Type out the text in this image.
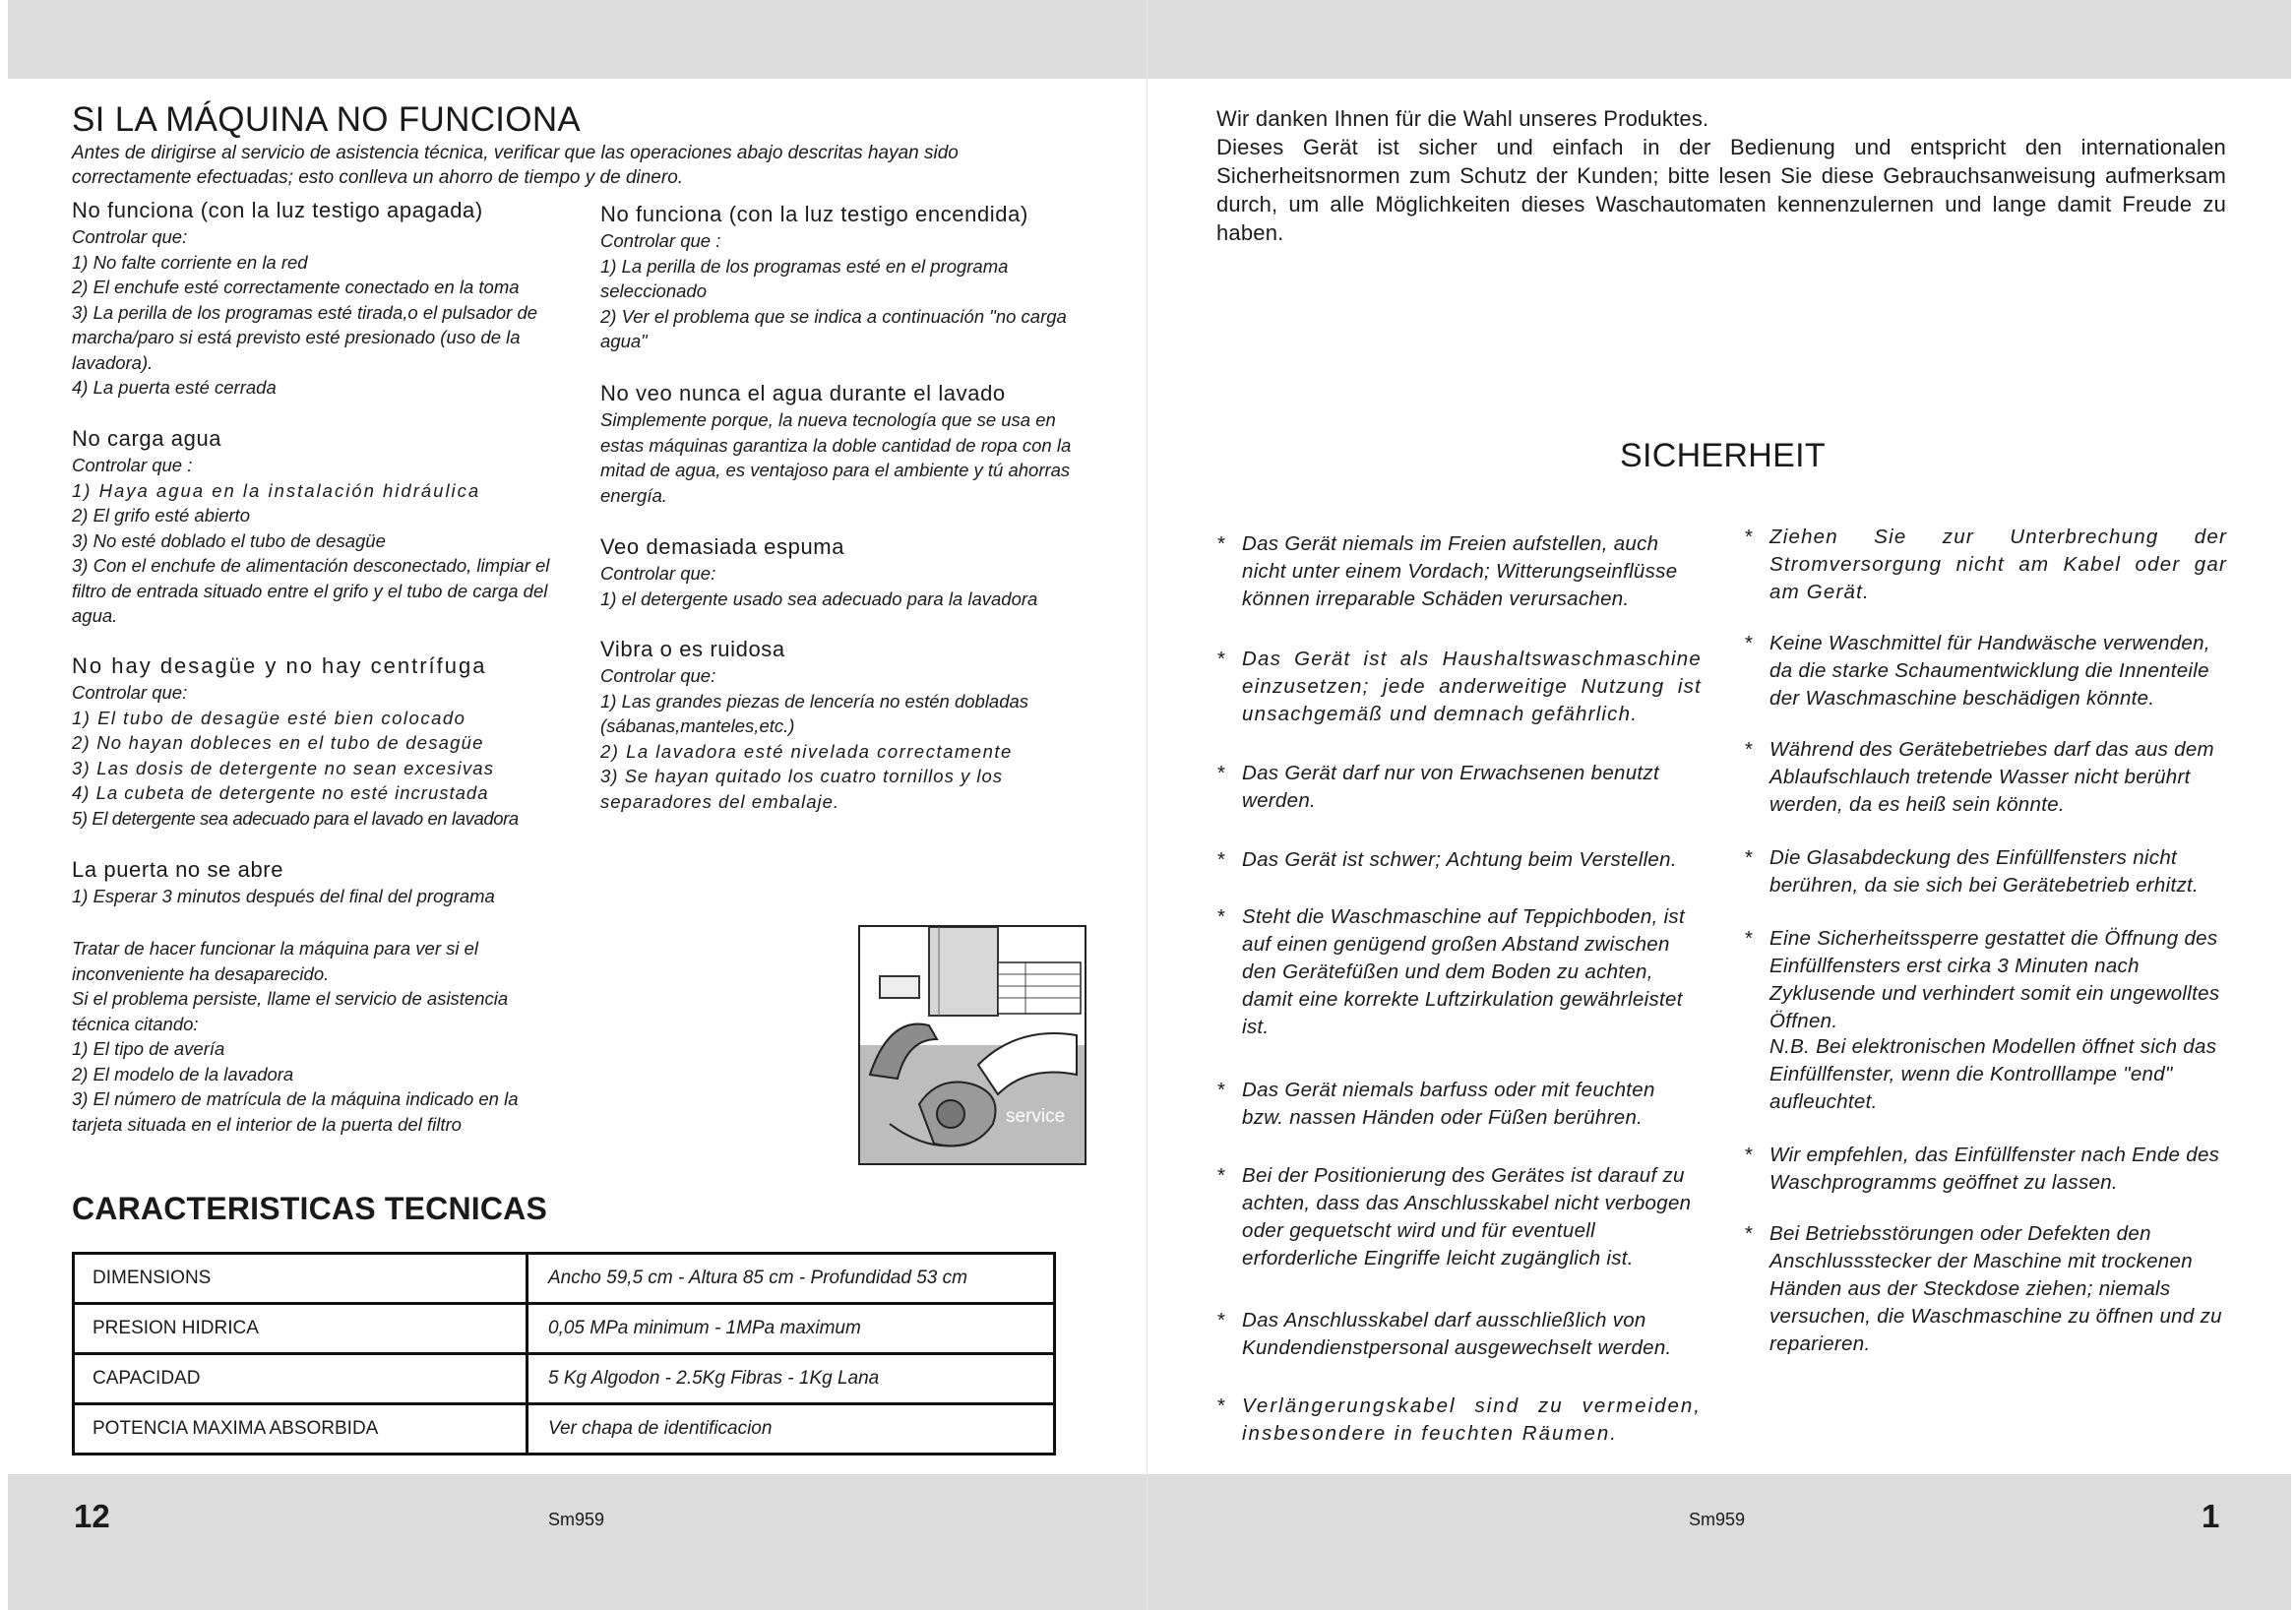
SI LA MÁQUINA NO FUNCIONA
Antes de dirigirse al servicio de asistencia técnica, verificar que las operaciones abajo descritas hayan sido correctamente efectuadas; esto conlleva un ahorro de tiempo y de dinero.
No funciona (con la luz testigo apagada)
Controlar que:
1) No falte corriente en la red
2) El enchufe esté correctamente conectado en la toma
3) La perilla de los programas esté tirada,o el pulsador de marcha/paro si está previsto esté presionado (uso de la lavadora).
4) La puerta esté cerrada
No carga agua
Controlar que :
1) Haya agua en la instalación hidráulica
2) El grifo esté abierto
3) No esté doblado el tubo de desagüe
3) Con el enchufe de alimentación desconectado, limpiar el filtro de entrada situado entre el grifo y el tubo de carga del agua.
No hay desagüe y no hay centrífuga
Controlar que:
1) El tubo de desagüe esté bien colocado
2) No hayan dobleces en el tubo de desagüe
3) Las dosis de detergente no sean excesivas
4) La cubeta de detergente no esté incrustada
5) El detergente sea adecuado para el lavado en lavadora
La puerta no se abre
1) Esperar 3 minutos después del final del programa
Tratar de hacer funcionar la máquina para ver si el inconveniente ha desaparecido.
Si el problema persiste, llame el servicio de asistencia técnica citando:
1) El tipo de avería
2) El modelo de la lavadora
3) El número de matrícula de la máquina indicado en la tarjeta situada en el interior de la puerta del filtro
No funciona (con la luz testigo encendida)
Controlar que :
1) La perilla de los programas esté en el programa seleccionado
2) Ver el problema que se indica a continuación "no carga agua"
No veo nunca el agua durante el lavado
Simplemente porque, la nueva tecnología que se usa en estas máquinas garantiza la doble cantidad de ropa con la mitad de agua, es ventajoso para el ambiente y tú ahorras energía.
Veo demasiada espuma
Controlar que:
1) el detergente usado sea adecuado para la lavadora
Vibra o es ruidosa
Controlar que:
1) Las grandes piezas de lencería no estén dobladas (sábanas,manteles,etc.)
2) La lavadora esté nivelada correctamente
3) Se hayan quitado los cuatro tornillos y los separadores del embalaje.
service
CARACTERISTICAS TECNICAS
DIMENSIONS	Ancho 59,5 cm - Altura 85 cm - Profundidad 53 cm
PRESION HIDRICA	0,05 MPa minimum - 1MPa maximum
CAPACIDAD	5 Kg Algodon - 2.5Kg Fibras - 1Kg Lana
POTENCIA MAXIMA ABSORBIDA	Ver chapa de identificacion
12	Sm959
Wir danken Ihnen für die Wahl unseres Produktes.
Dieses Gerät ist sicher und einfach in der Bedienung und entspricht den internationalen Sicherheitsnormen zum Schutz der Kunden; bitte lesen Sie diese Gebrauchsanweisung aufmerksam durch, um alle Möglichkeiten dieses Waschautomaten kennenzulernen und lange damit Freude zu haben.
SICHERHEIT
* Das Gerät niemals im Freien aufstellen, auch nicht unter einem Vordach; Witterungseinflüsse können irreparable Schäden verursachen.
* Das Gerät ist als Haushaltswaschmaschine einzusetzen; jede anderweitige Nutzung ist unsachgemäß und demnach gefährlich.
* Das Gerät darf nur von Erwachsenen benutzt werden.
* Das Gerät ist schwer; Achtung beim Verstellen.
* Steht die Waschmaschine auf Teppichboden, ist auf einen genügend großen Abstand zwischen den Gerätefüßen und dem Boden zu achten, damit eine korrekte Luftzirkulation gewährleistet ist.
* Das Gerät niemals barfuss oder mit feuchten bzw. nassen Händen oder Füßen berühren.
* Bei der Positionierung des Gerätes ist darauf zu achten, dass das Anschlusskabel nicht verbogen oder gequetscht wird und für eventuell erforderliche Eingriffe leicht zugänglich ist.
* Das Anschlusskabel darf ausschließlich von Kundendienstpersonal ausgewechselt werden.
* Verlängerungskabel sind zu vermeiden, insbesondere in feuchten Räumen.
* Ziehen Sie zur Unterbrechung der Stromversorgung nicht am Kabel oder gar am Gerät.
* Keine Waschmittel für Handwäsche verwenden, da die starke Schaumentwicklung die Innenteile der Waschmaschine beschädigen könnte.
* Während des Gerätebetriebes darf das aus dem Ablaufschlauch tretende Wasser nicht berührt werden, da es heiß sein könnte.
* Die Glasabdeckung des Einfüllfensters nicht berühren, da sie sich bei Gerätebetrieb erhitzt.
* Eine Sicherheitssperre gestattet die Öffnung des Einfüllfensters erst cirka 3 Minuten nach Zyklusende und verhindert somit ein ungewolltes Öffnen.
N.B. Bei elektronischen Modellen öffnet sich das Einfüllfenster, wenn die Kontrolllampe "end" aufleuchtet.
* Wir empfehlen, das Einfüllfenster nach Ende des Waschprogramms geöffnet zu lassen.
* Bei Betriebsstörungen oder Defekten den Anschlussstecker der Maschine mit trockenen Händen aus der Steckdose ziehen; niemals versuchen, die Waschmaschine zu öffnen und zu reparieren.
Sm959	1
